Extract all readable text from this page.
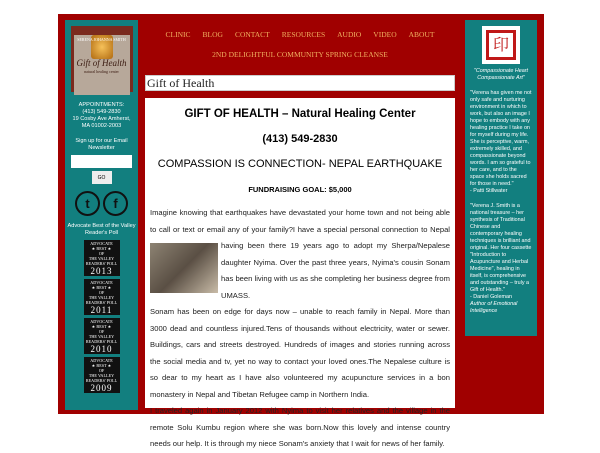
SERENA JOHANNA SMITH
Gift of Health
natural healing center
APPOINTMENTS:
(413) 549-2830
19 Cosby Ave Amherst,
MA 01002-2003
Sign up for our Email Newsletter
GO
t	f
Advocate Best of the Valley Reader's Poll
ADVOCATE
★ BEST ★
OF
THE VALLEY
READERS' POLL
2013
ADVOCATE
★ BEST ★
OF
THE VALLEY
READERS' POLL
2011
ADVOCATE
★ BEST ★
OF
THE VALLEY
READERS' POLL
2010
ADVOCATE
★ BEST ★
OF
THE VALLEY
READERS' POLL
2009
CLINIC BLOG CONTACT RESOURCES AUDIO VIDEO ABOUT
2ND DELIGHTFUL COMMUNITY SPRING CLEANSE
Gift of Health
GIFT OF HEALTH – Natural Healing Center
(413) 549-2830
COMPASSION IS CONNECTION- NEPAL EARTHQUAKE
FUNDRAISING GOAL: $5,000
Imagine knowing that earthquakes have devastated your home town and not being able to call or text or email any of your family?I have a special personal connection to Nepal having been
there 19 years ago to adopt my Sherpa/Nepalese daughter Nyima. Over the past three years, Nyima's cousin Sonam has been living with us as she completing her business degree from UMASS.
Sonam has been on edge for days now – unable to reach family in Nepal. More than 3000 dead and countless injured.Tens of thousands without electricity, water or sewer. Buildings, cars and streets destroyed. Hundreds of images and stories running across the social media and tv, yet no way to contact your loved ones.The Nepalese culture is so dear to my heart as I have also volunteered my acupuncture services in a bon monastery in Nepal and Tibetan Refugee camp in Northern India.
I traveled again in January 2012 with Nyima to visit her relatives and the village in the remote Solu Kumbu region where she was born.Now this lovely and intense country needs our help. It is through my niece Sonam's anxiety that I wait for news of her family.
印
"Compassionate Heart Compassionate Art"
"Verena has given me not only safe and nurturing environment in which to work, but also an image I hope to embody with any healing practice I take on for myself during my life. She is perceptive, warm, extremely skilled, and compassionate beyond words. I am so grateful to her care, and to the space she holds sacred for those in need."
- Patti Stillwater
"Verena J. Smith is a national treasure – her synthesis of Traditional Chinese and contemporary healing techniques is brilliant and original. Her four cassette "Introduction to Acupuncture and Herbal Medicine", healing in itself, is comprehensive and outstanding – truly a Gift of Health."
- Daniel Goleman
Author of Emotional Intelligence
